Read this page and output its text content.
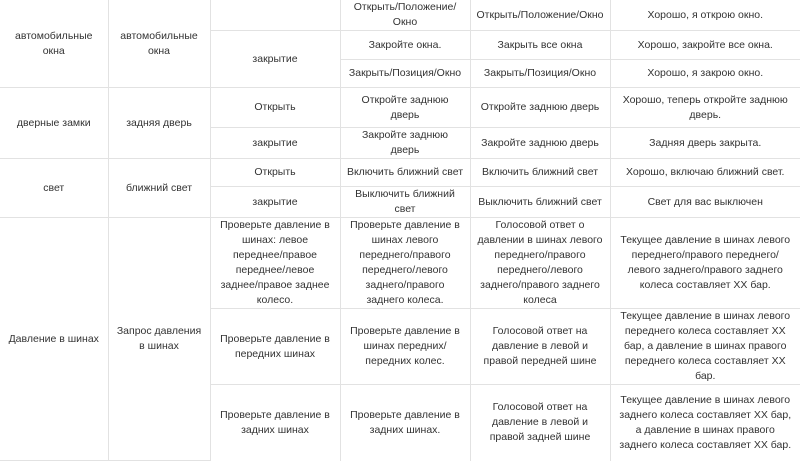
автомобильные окна	автомобильные окна		Открыть/Положение/Окно	Открыть/Положение/Окно	Хорошо, я открою окно.

		закрытие	Закройте окна.	Закрыть все окна	Хорошо, закройте все окна.

			Закрыть/Позиция/Окно	Закрыть/Позиция/Окно	Хорошо, я закрою окно.

дверные замки	задняя дверь	Открыть	Откройте заднюю дверь	Откройте заднюю дверь	Хорошо, теперь откройте заднюю дверь.

		закрытие	Закройте заднюю дверь	Закройте заднюю дверь	Задняя дверь закрыта.

свет	ближний свет	Открыть	Включить ближний свет	Включить ближний свет	Хорошо, включаю ближний свет.

		закрытие	Выключить ближний свет	Выключить ближний свет	Свет для вас выключен

Давление в шинах	Запрос давления в шинах	Проверьте давление в шинах: левое переднее/правое переднее/левое заднее/правое заднее колесо.	Проверьте давление в шинах левого переднего/правого переднего/левого заднего/правого заднего колеса.	Голосовой ответ о давлении в шинах левого переднего/правого переднего/левого заднего/правого заднего колеса	Текущее давление в шинах левого переднего/правого переднего/левого заднего/правого заднего колеса составляет XX бар.

		Проверьте давление в передних шинах	Проверьте давление в шинах передних/передних колес.	Голосовой ответ на давление в левой и правой передней шине	Текущее давление в шинах левого переднего колеса составляет XX бар, а давление в шинах правого переднего колеса составляет XX бар.

		Проверьте давление в задних шинах	Проверьте давление в задних шинах.	Голосовой ответ на давление в левой и правой задней шине	Текущее давление в шинах левого заднего колеса составляет XX бар, а давление в шинах правого заднего колеса составляет XX бар.
